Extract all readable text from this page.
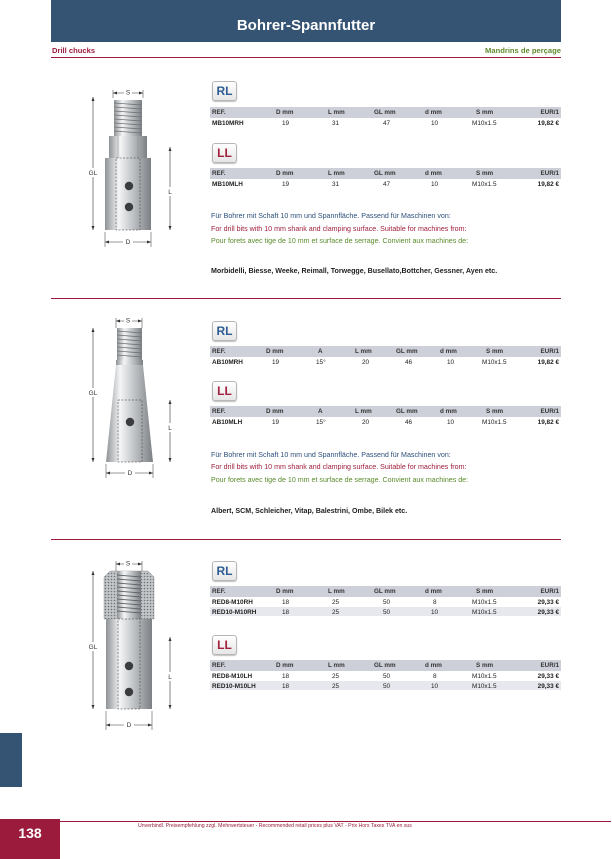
Bohrer-Spannfutter
Drill chucks	Mandrins de perçage
S
GL
L
D
RL
REF.	D mm	L mm	GL mm	d mm	S mm	EUR/1
MB10MRH	19	31	47	10	M10x1.5	19,82 €
LL
REF.	D mm	L mm	GL mm	d mm	S mm	EUR/1
MB10MLH	19	31	47	10	M10x1.5	19,82 €
Für Bohrer mit Schaft 10 mm und Spannfläche. Passend für Maschinen von:
For drill bits with 10 mm shank and clamping surface. Suitable for machines from:
Pour forets avec tige de 10 mm et surface de serrage. Convient aux machines de:
Morbidelli, Biesse, Weeke, Reimall, Torwegge, Busellato,Bottcher, Gessner, Ayen etc.
S
GL
L
D
RL
REF.	D mm	A	L mm	GL mm	d mm	S mm	EUR/1
AB10MRH	19	15°	20	46	10	M10x1.5	19,82 €
LL
REF.	D mm	A	L mm	GL mm	d mm	S mm	EUR/1
AB10MLH	19	15°	20	46	10	M10x1.5	19,82 €
Für Bohrer mit Schaft 10 mm und Spannfläche. Passend für Maschinen von:
For drill bits with 10 mm shank and clamping surface. Suitable for machines from:
Pour forets avec tige de 10 mm et surface de serrage. Convient aux machines de:
Albert, SCM, Schleicher, Vitap, Balestrini, Ombe, Bilek etc.
S
GL
L
D
RL
REF.	D mm	L mm	GL mm	d mm	S mm	EUR/1
RED8-M10RH	18	25	50	8	M10x1.5	29,33 €
RED10-M10RH	18	25	50	10	M10x1.5	29,33 €
LL
REF.	D mm	L mm	GL mm	d mm	S mm	EUR/1
RED8-M10LH	18	25	50	8	M10x1.5	29,33 €
RED10-M10LH	18	25	50	10	M10x1.5	29,33 €
138	Unverbindl. Preisempfehlung zzgl. Mehrwertsteuer - Recommended retail prices plus VAT - Prix Hors Taxes TVA en sus
